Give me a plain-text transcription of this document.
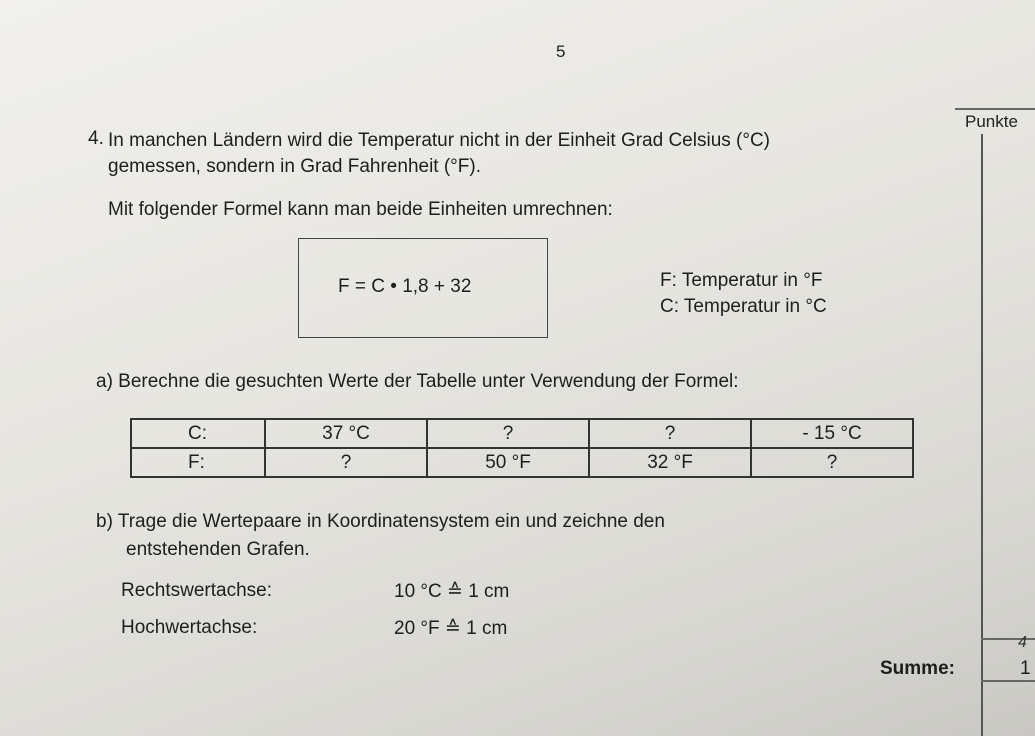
5
Punkte
4
4. In manchen Ländern wird die Temperatur nicht in der Einheit Grad Celsius (°C)
gemessen, sondern in Grad Fahrenheit (°F).
Mit folgender Formel kann man beide Einheiten umrechnen:
F = C • 1,8 + 32	F: Temperatur in °F
C: Temperatur in °C
a) Berechne die gesuchten Werte der Tabelle unter Verwendung der Formel:
C:	37 °C	?	?	- 15 °C
F:	?	50 °F	32 °F	?
b) Trage die Wertepaare in Koordinatensystem ein und zeichne den
entstehenden Grafen.
Rechtswertachse:	10 °C ≙ 1 cm
Hochwertachse:	20 °F ≙ 1 cm
Summe:	1
